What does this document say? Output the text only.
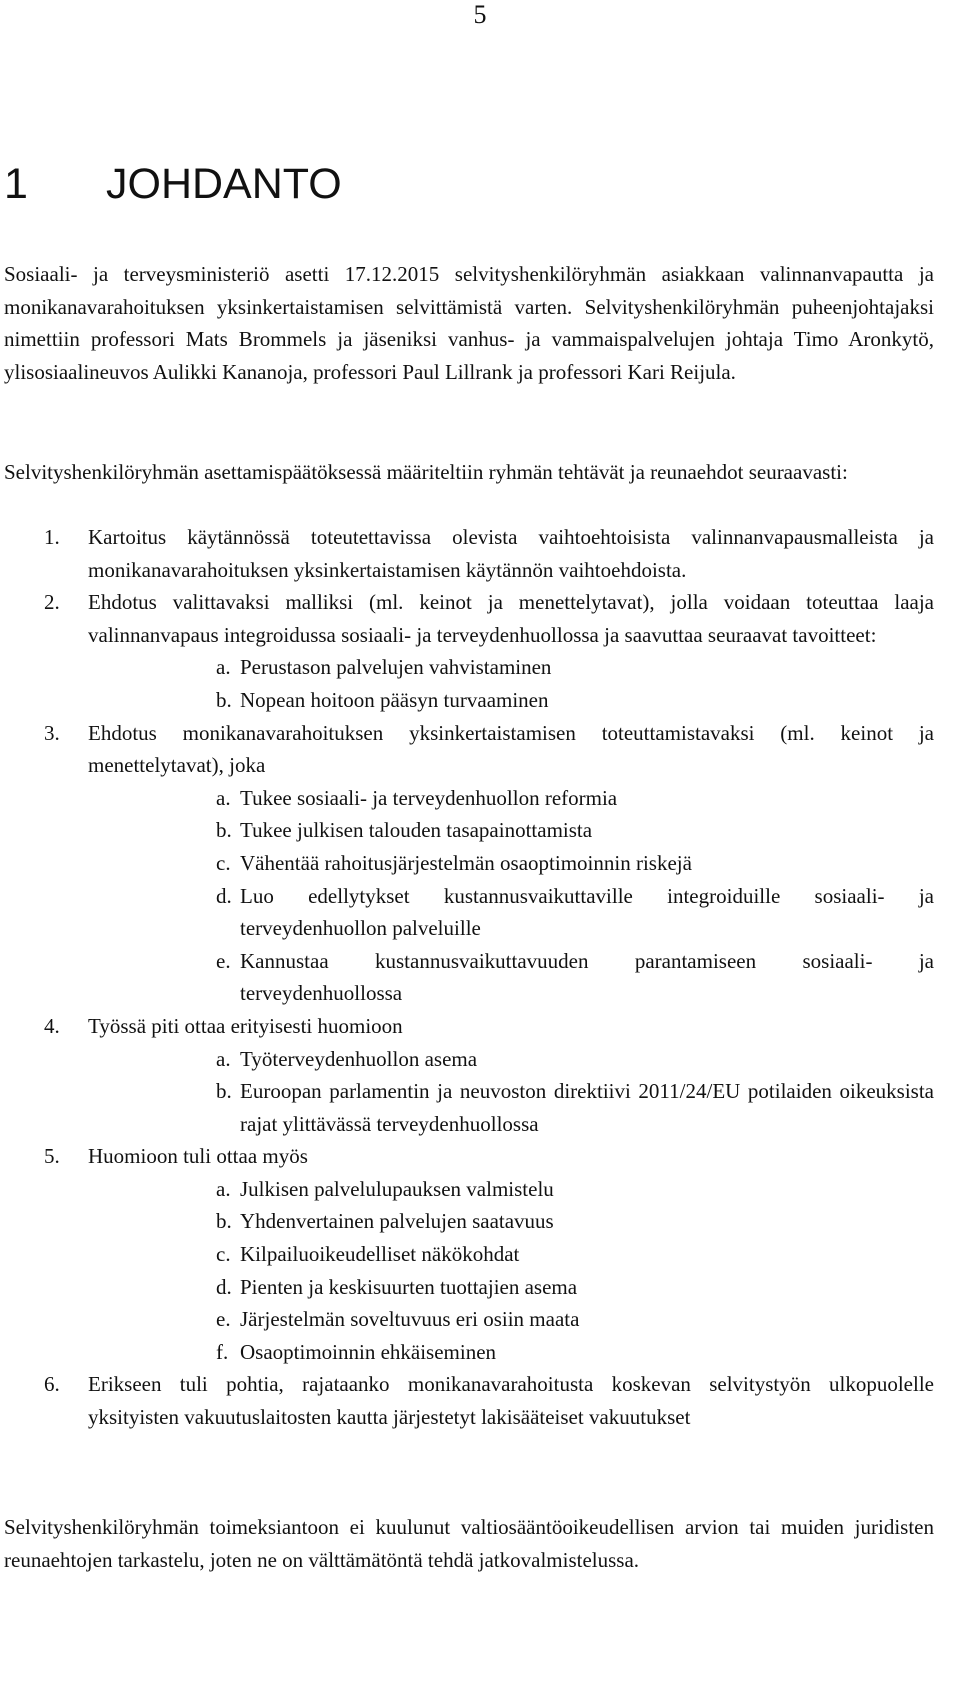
5
1 JOHDANTO

Sosiaali- ja terveysministeriö asetti 17.12.2015 selvityshenkilöryhmän asiakkaan valinnanvapautta ja monikanavarahoituksen yksinkertaistamisen selvittämistä varten. Selvityshenkilöryhmän puheenjohtajaksi nimettiin professori Mats Brommels ja jäseniksi vanhus- ja vammaispalvelujen johtaja Timo Aronkytö, ylisosiaalineuvos Aulikki Kananoja, professori Paul Lillrank ja professori Kari Reijula.

Selvityshenkilöryhmän asettamispäätöksessä määriteltiin ryhmän tehtävät ja reunaehdot seuraavasti:

1. Kartoitus käytännössä toteutettavissa olevista vaihtoehtoisista valinnanvapausmalleista ja monikanavarahoituksen yksinkertaistamisen käytännön vaihtoehdoista.
2. Ehdotus valittavaksi malliksi (ml. keinot ja menettelytavat), jolla voidaan toteuttaa laaja valinnanvapaus integroidussa sosiaali- ja terveydenhuollossa ja saavuttaa seuraavat tavoitteet:
a. Perustason palvelujen vahvistaminen
b. Nopean hoitoon pääsyn turvaaminen
3. Ehdotus monikanavarahoituksen yksinkertaistamisen toteuttamistavaksi (ml. keinot ja menettelytavat), joka
a. Tukee sosiaali- ja terveydenhuollon reformia
b. Tukee julkisen talouden tasapainottamista
c. Vähentää rahoitusjärjestelmän osaoptimoinnin riskejä
d. Luo edellytykset kustannusvaikuttaville integroiduille sosiaali- ja terveydenhuollon palveluille
e. Kannustaa kustannusvaikuttavuuden parantamiseen sosiaali- ja terveydenhuollossa
4. Työssä piti ottaa erityisesti huomioon
a. Työterveydenhuollon asema
b. Euroopan parlamentin ja neuvoston direktiivi 2011/24/EU potilaiden oikeuksista rajat ylittävässä terveydenhuollossa
5. Huomioon tuli ottaa myös
a. Julkisen palvelulupauksen valmistelu
b. Yhdenvertainen palvelujen saatavuus
c. Kilpailuoikeudelliset näkökohdat
d. Pienten ja keskisuurten tuottajien asema
e. Järjestelmän soveltuvuus eri osiin maata
f. Osaoptimoinnin ehkäiseminen
6. Erikseen tuli pohtia, rajataanko monikanavarahoitusta koskevan selvitystyön ulkopuolelle yksityisten vakuutuslaitosten kautta järjestetyt lakisääteiset vakuutukset

Selvityshenkilöryhmän toimeksiantoon ei kuulunut valtiosääntöoikeudellisen arvion tai muiden juridisten reunaehtojen tarkastelu, joten ne on välttämätöntä tehdä jatkovalmistelussa.
